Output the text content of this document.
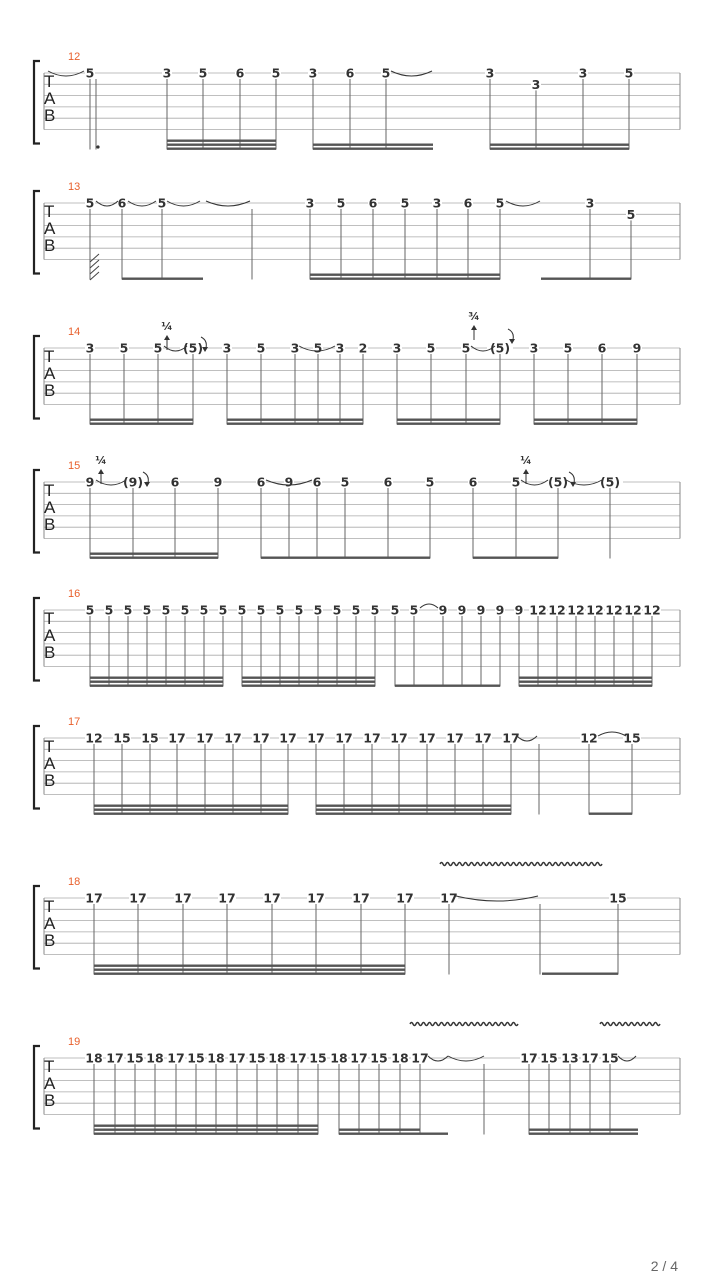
T
A
B
12
5	3 5 6 5 3 6 5	3
3
3	5
T
A
B
13
5 6	5	3 5 6 5 3 6 5	3
5
T
A
B
14
3 5 5 (5) 3 5 3 5 3 2 3 5 5 (5) 3 5 6 9
T
A
B
15
9 (9) 6	9	6 9 6 5	6	5	6	5 (5)	(5)
T
A
B
16
5 5 5 5 5 5 5 5 5 5 5 5 5 5 5 5 5 5 9 9 9 9 9 12 12 12 12 12 12 12
T
A
B
17
12 15 15 17 17 17 17 17 17 17 17 17 17 17 17 17	12 15
T
A
B
18
17 17 17 17 17 17 17 17 17	15
T
A
B
19
18 17 15 18 17 15 18 17 15 18 17 15 18 17 15 18 17	17 15 13 17 15
¼
¾
¼	¼
2 / 4
